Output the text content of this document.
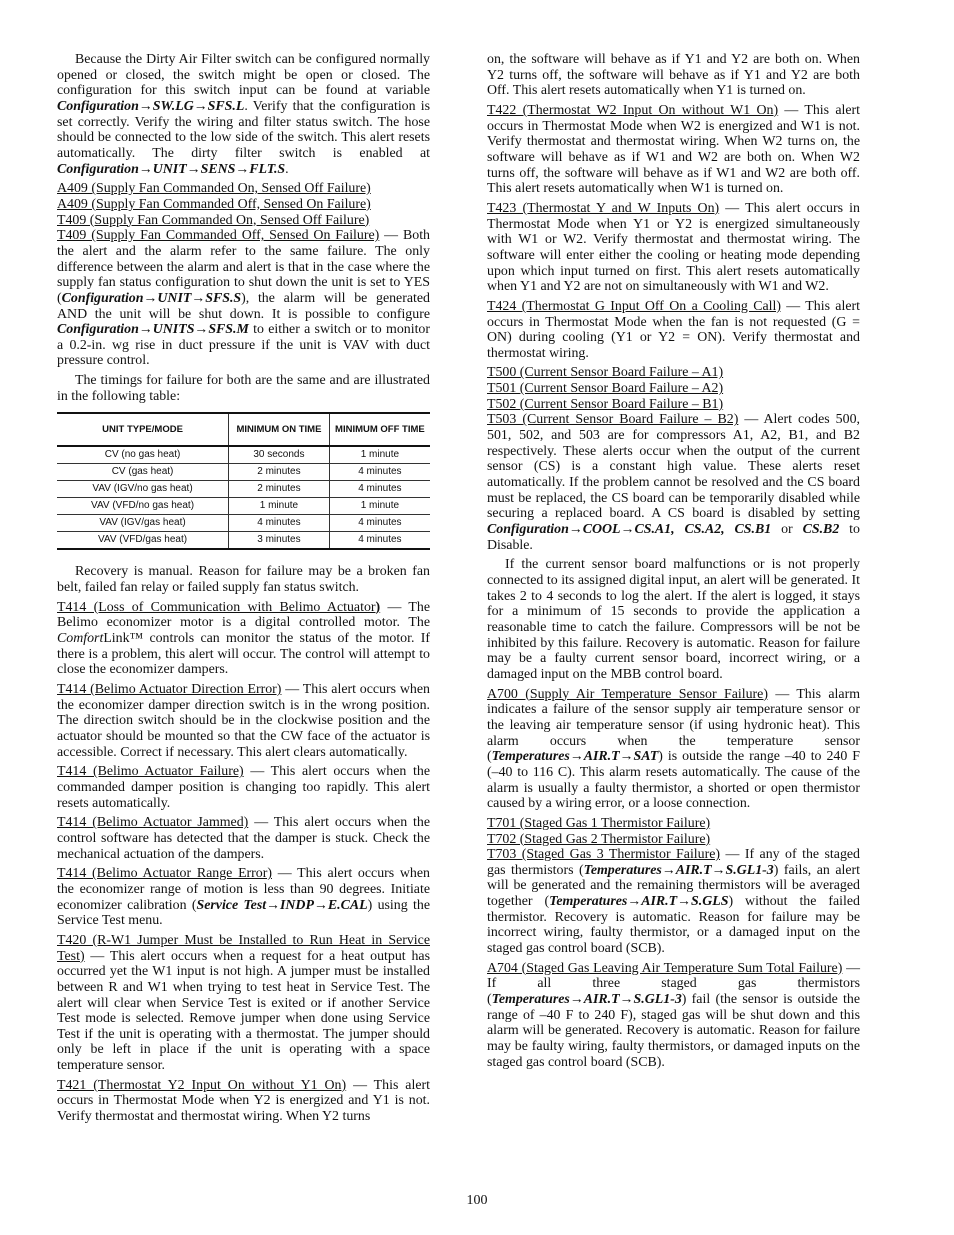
Because the Dirty Air Filter switch can be configured normally opened or closed, the switch might be open or closed. The configuration for this switch input can be found at variable Configuration→SW.LG→SFS.L. Verify that the configuration is set correctly. Verify the wiring and filter status switch. The hose should be connected to the low side of the switch. This alert resets automatically. The dirty filter switch is enabled at Configuration→UNIT→SENS→FLT.S.

A409 (Supply Fan Commanded On, Sensed Off Failure)
A409 (Supply Fan Commanded Off, Sensed On Failure)
T409 (Supply Fan Commanded On, Sensed Off Failure)
T409 (Supply Fan Commanded Off, Sensed On Failure) — Both the alert and the alarm refer to the same failure. The only difference between the alarm and alert is that in the case where the supply fan status configuration to shut down the unit is set to YES (Configuration→UNIT→SFS.S), the alarm will be generated AND the unit will be shut down. It is possible to configure Configuration→UNITS→SFS.M to either a switch or to monitor a 0.2-in. wg rise in duct pressure if the unit is VAV with duct pressure control.

The timings for failure for both are the same and are illustrated in the following table:

UNIT TYPE/MODE	MINIMUM ON TIME	MINIMUM OFF TIME
CV (no gas heat)	30 seconds	1 minute
CV (gas heat)	2 minutes	4 minutes
VAV (IGV/no gas heat)	2 minutes	4 minutes
VAV (VFD/no gas heat)	1 minute	1 minute
VAV (IGV/gas heat)	4 minutes	4 minutes
VAV (VFD/gas heat)	3 minutes	4 minutes

Recovery is manual. Reason for failure may be a broken fan belt, failed fan relay or failed supply fan status switch.

T414 (Loss of Communication with Belimo Actuator) — The Belimo economizer motor is a digital controlled motor. The ComfortLink™ controls can monitor the status of the motor. If there is a problem, this alert will occur. The control will attempt to close the economizer dampers.

T414 (Belimo Actuator Direction Error) — This alert occurs when the economizer damper direction switch is in the wrong position. The direction switch should be in the clockwise position and the actuator should be mounted so that the CW face of the actuator is accessible. Correct if necessary. This alert clears automatically.

T414 (Belimo Actuator Failure) — This alert occurs when the commanded damper position is changing too rapidly. This alert resets automatically.

T414 (Belimo Actuator Jammed) — This alert occurs when the control software has detected that the damper is stuck. Check the mechanical actuation of the dampers.

T414 (Belimo Actuator Range Error) — This alert occurs when the economizer range of motion is less than 90 degrees. Initiate economizer calibration (Service Test→INDP→E.CAL) using the Service Test menu.

T420 (R-W1 Jumper Must be Installed to Run Heat in Service Test) — This alert occurs when a request for a heat output has occurred yet the W1 input is not high. A jumper must be installed between R and W1 when trying to test heat in Service Test. The alert will clear when Service Test is exited or if another Service Test mode is selected. Remove jumper when done using Service Test if the unit is operating with a thermostat. The jumper should only be left in place if the unit is operating with a space temperature sensor.

T421 (Thermostat Y2 Input On without Y1 On) — This alert occurs in Thermostat Mode when Y2 is energized and Y1 is not. Verify thermostat and thermostat wiring. When Y2 turns

on, the software will behave as if Y1 and Y2 are both on. When Y2 turns off, the software will behave as if Y1 and Y2 are both Off. This alert resets automatically when Y1 is turned on.

T422 (Thermostat W2 Input On without W1 On) — This alert occurs in Thermostat Mode when W2 is energized and W1 is not. Verify thermostat and thermostat wiring. When W2 turns on, the software will behave as if W1 and W2 are both on. When W2 turns off, the software will behave as if W1 and W2 are both off. This alert resets automatically when W1 is turned on.

T423 (Thermostat Y and W Inputs On) — This alert occurs in Thermostat Mode when Y1 or Y2 is energized simultaneously with W1 or W2. Verify thermostat and thermostat wiring. The software will enter either the cooling or heating mode depending upon which input turned on first. This alert resets automatically when Y1 and Y2 are not on simultaneously with W1 and W2.

T424 (Thermostat G Input Off On a Cooling Call) — This alert occurs in Thermostat Mode when the fan is not requested (G = ON) during cooling (Y1 or Y2 = ON). Verify thermostat and thermostat wiring.

T500 (Current Sensor Board Failure – A1)
T501 (Current Sensor Board Failure – A2)
T502 (Current Sensor Board Failure – B1)
T503 (Current Sensor Board Failure – B2) — Alert codes 500, 501, 502, and 503 are for compressors A1, A2, B1, and B2 respectively. These alerts occur when the output of the current sensor (CS) is a constant high value. These alerts reset automatically. If the problem cannot be resolved and the CS board must be replaced, the CS board can be temporarily disabled while securing a replaced board. A CS board is disabled by setting Configuration→COOL→CS.A1, CS.A2, CS.B1 or CS.B2 to Disable.

If the current sensor board malfunctions or is not properly connected to its assigned digital input, an alert will be generated. It takes 2 to 4 seconds to log the alert. If the alert is logged, it stays for a minimum of 15 seconds to provide the application a reasonable time to catch the failure. Compressors will be not be inhibited by this failure. Recovery is automatic. Reason for failure may be a faulty current sensor board, incorrect wiring, or a damaged input on the MBB control board.

A700 (Supply Air Temperature Sensor Failure) — This alarm indicates a failure of the sensor supply air temperature sensor or the leaving air temperature sensor (if using hydronic heat). This alarm occurs when the temperature sensor (Temperatures→AIR.T→SAT) is outside the range –40 to 240 F (–40 to 116 C). This alarm resets automatically. The cause of the alarm is usually a faulty thermistor, a shorted or open thermistor caused by a wiring error, or a loose connection.

T701 (Staged Gas 1 Thermistor Failure)
T702 (Staged Gas 2 Thermistor Failure)
T703 (Staged Gas 3 Thermistor Failure) — If any of the staged gas thermistors (Temperatures→AIR.T→S.GL1-3) fails, an alert will be generated and the remaining thermistors will be averaged together (Temperatures→AIR.T→S.GLS) without the failed thermistor. Recovery is automatic. Reason for failure may be incorrect wiring, faulty thermistor, or a damaged input on the staged gas control board (SCB).

A704 (Staged Gas Leaving Air Temperature Sum Total Failure) — If all three staged gas thermistors (Temperatures→AIR.T→S.GL1-3) fail (the sensor is outside the range of –40 F to 240 F), staged gas will be shut down and this alarm will be generated. Recovery is automatic. Reason for failure may be faulty wiring, faulty thermistors, or damaged inputs on the staged gas control board (SCB).

100
